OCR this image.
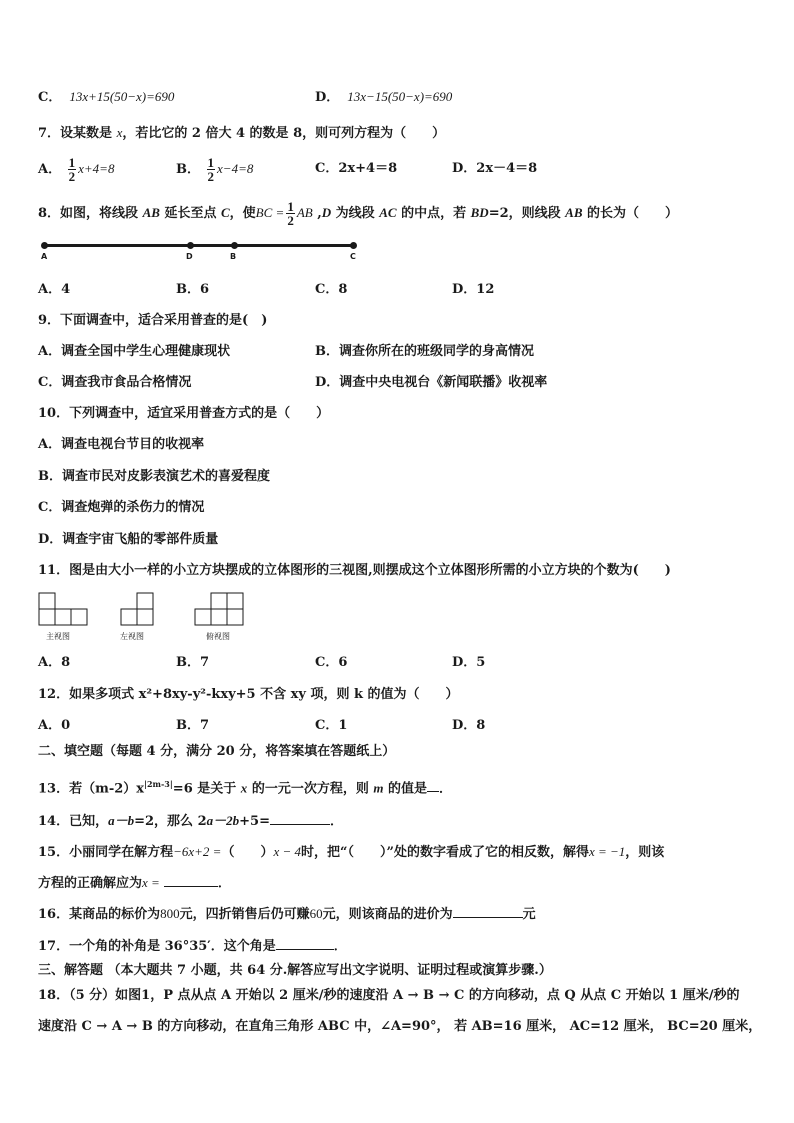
C． 13x+15(50−x)=690	D． 13x−15(50−x)=690
7．设某数是 x，若比它的 2 倍大 4 的数是 8，则可列方程为（　　）
A． $\frac{1}{2} x+4=8$	B． $\frac{1}{2} x-4=8$	C．2x+4＝8	D．2x－4＝8
8．如图，将线段 AB 延长至点 C，使BC = $\frac{1}{2}$ AB ,D 为线段 AC 的中点，若 BD=2，则线段 AB 的长为（　　）
A	D	B	C
A．4	B．6	C．8	D．12
9．下面调查中，适合采用普查的是(　)
A．调查全国中学生心理健康现状	B．调查你所在的班级同学的身高情况
C．调查我市食品合格情况	D．调查中央电视台《新闻联播》收视率
10．下列调查中，适宜采用普查方式的是（　　）
A．调查电视台节目的收视率
B．调查市民对皮影表演艺术的喜爱程度
C．调查炮弹的杀伤力的情况
D．调查宇宙飞船的零部件质量
11．图是由大小一样的小立方块摆成的立体图形的三视图,则摆成这个立体图形所需的小立方块的个数为(　　)
主视图	左视图	俯视图
A．8	B．7	C．6	D．5
12．如果多项式 x²+8xy-y²-kxy+5 不含 xy 项，则 k 的值为（　　）
A．0	B．7	C．1	D．8
二、填空题（每题 4 分，满分 20 分，将答案填在答题纸上）
13．若$(m-2)x^{|2m-3|}=6$ 是关于 x 的一元一次方程，则 m 的值是 ．
14．已知，a－b=2，那么 2a－2b+5=	．
15．小丽同学在解方程−6x+2 =（　　）x − 4时，把“（　　）”处的数字看成了它的相反数，解得x = −1，则该
方程的正确解应为x =	．
16．某商品的标价为800元，四折销售后仍可赚60元，则该商品的进价为	元
17．一个角的补角是 36°35′．这个角是	．
三、解答题 （本大题共 7 小题，共 64 分.解答应写出文字说明、证明过程或演算步骤.）
18．（5 分）如图1，P 点从点 A 开始以 2 厘米/秒的速度沿 A → B → C 的方向移动，点 Q 从点 C 开始以 1 厘米/秒的
速度沿 C → A → B 的方向移动，在直角三角形 ABC 中，∠A=90°， 若 AB=16 厘米， AC=12 厘米， BC=20 厘米，
